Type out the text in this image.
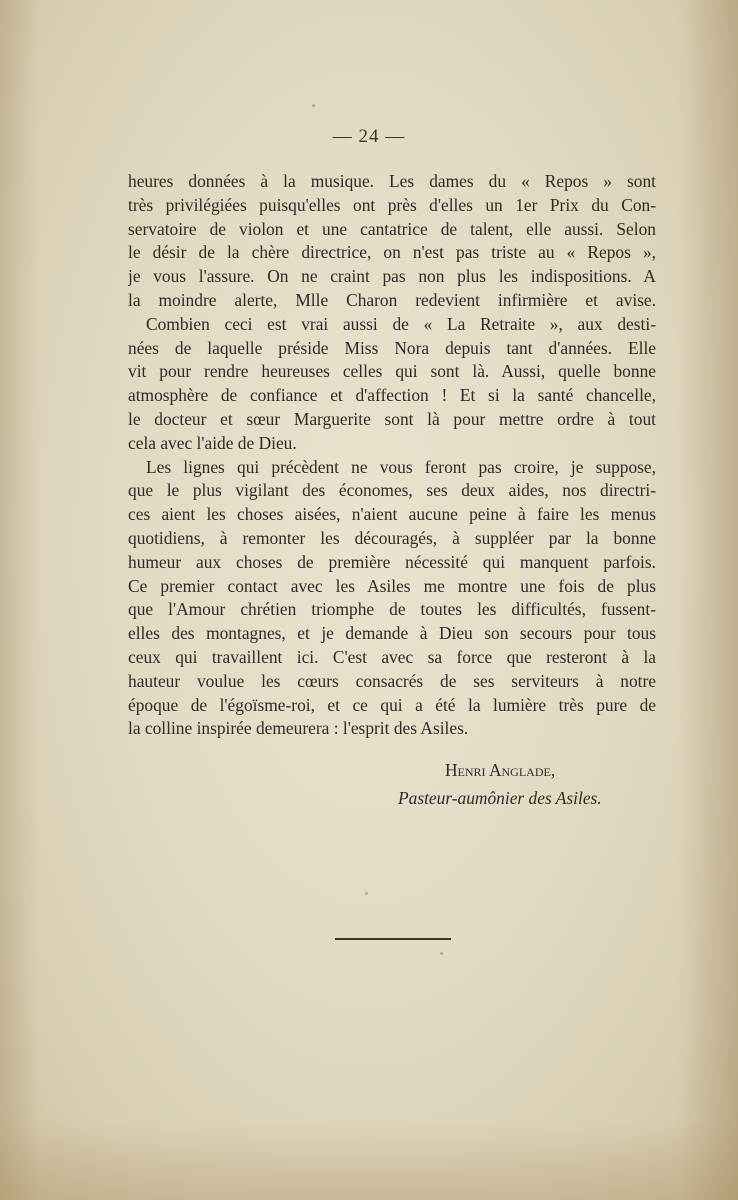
— 24 —
heures données à la musique. Les dames du « Repos » sont
très privilégiées puisqu'elles ont près d'elles un 1er Prix du Con-
servatoire de violon et une cantatrice de talent, elle aussi. Selon
le désir de la chère directrice, on n'est pas triste au « Repos »,
je vous l'assure. On ne craint pas non plus les indispositions. A
la moindre alerte, Mlle Charon redevient infirmière et avise.
Combien ceci est vrai aussi de « La Retraite », aux desti-
nées de laquelle préside Miss Nora depuis tant d'années. Elle
vit pour rendre heureuses celles qui sont là. Aussi, quelle bonne
atmosphère de confiance et d'affection ! Et si la santé chancelle,
le docteur et sœur Marguerite sont là pour mettre ordre à tout
cela avec l'aide de Dieu.
Les lignes qui précèdent ne vous feront pas croire, je suppose,
que le plus vigilant des économes, ses deux aides, nos directri-
ces aient les choses aisées, n'aient aucune peine à faire les menus
quotidiens, à remonter les découragés, à suppléer par la bonne
humeur aux choses de première nécessité qui manquent parfois.
Ce premier contact avec les Asiles me montre une fois de plus
que l'Amour chrétien triomphe de toutes les difficultés, fussent-
elles des montagnes, et je demande à Dieu son secours pour tous
ceux qui travaillent ici. C'est avec sa force que resteront à la
hauteur voulue les cœurs consacrés de ses serviteurs à notre
époque de l'égoïsme-roi, et ce qui a été la lumière très pure de
la colline inspirée demeurera : l'esprit des Asiles.
Henri Anglade,
Pasteur-aumônier des Asiles.
